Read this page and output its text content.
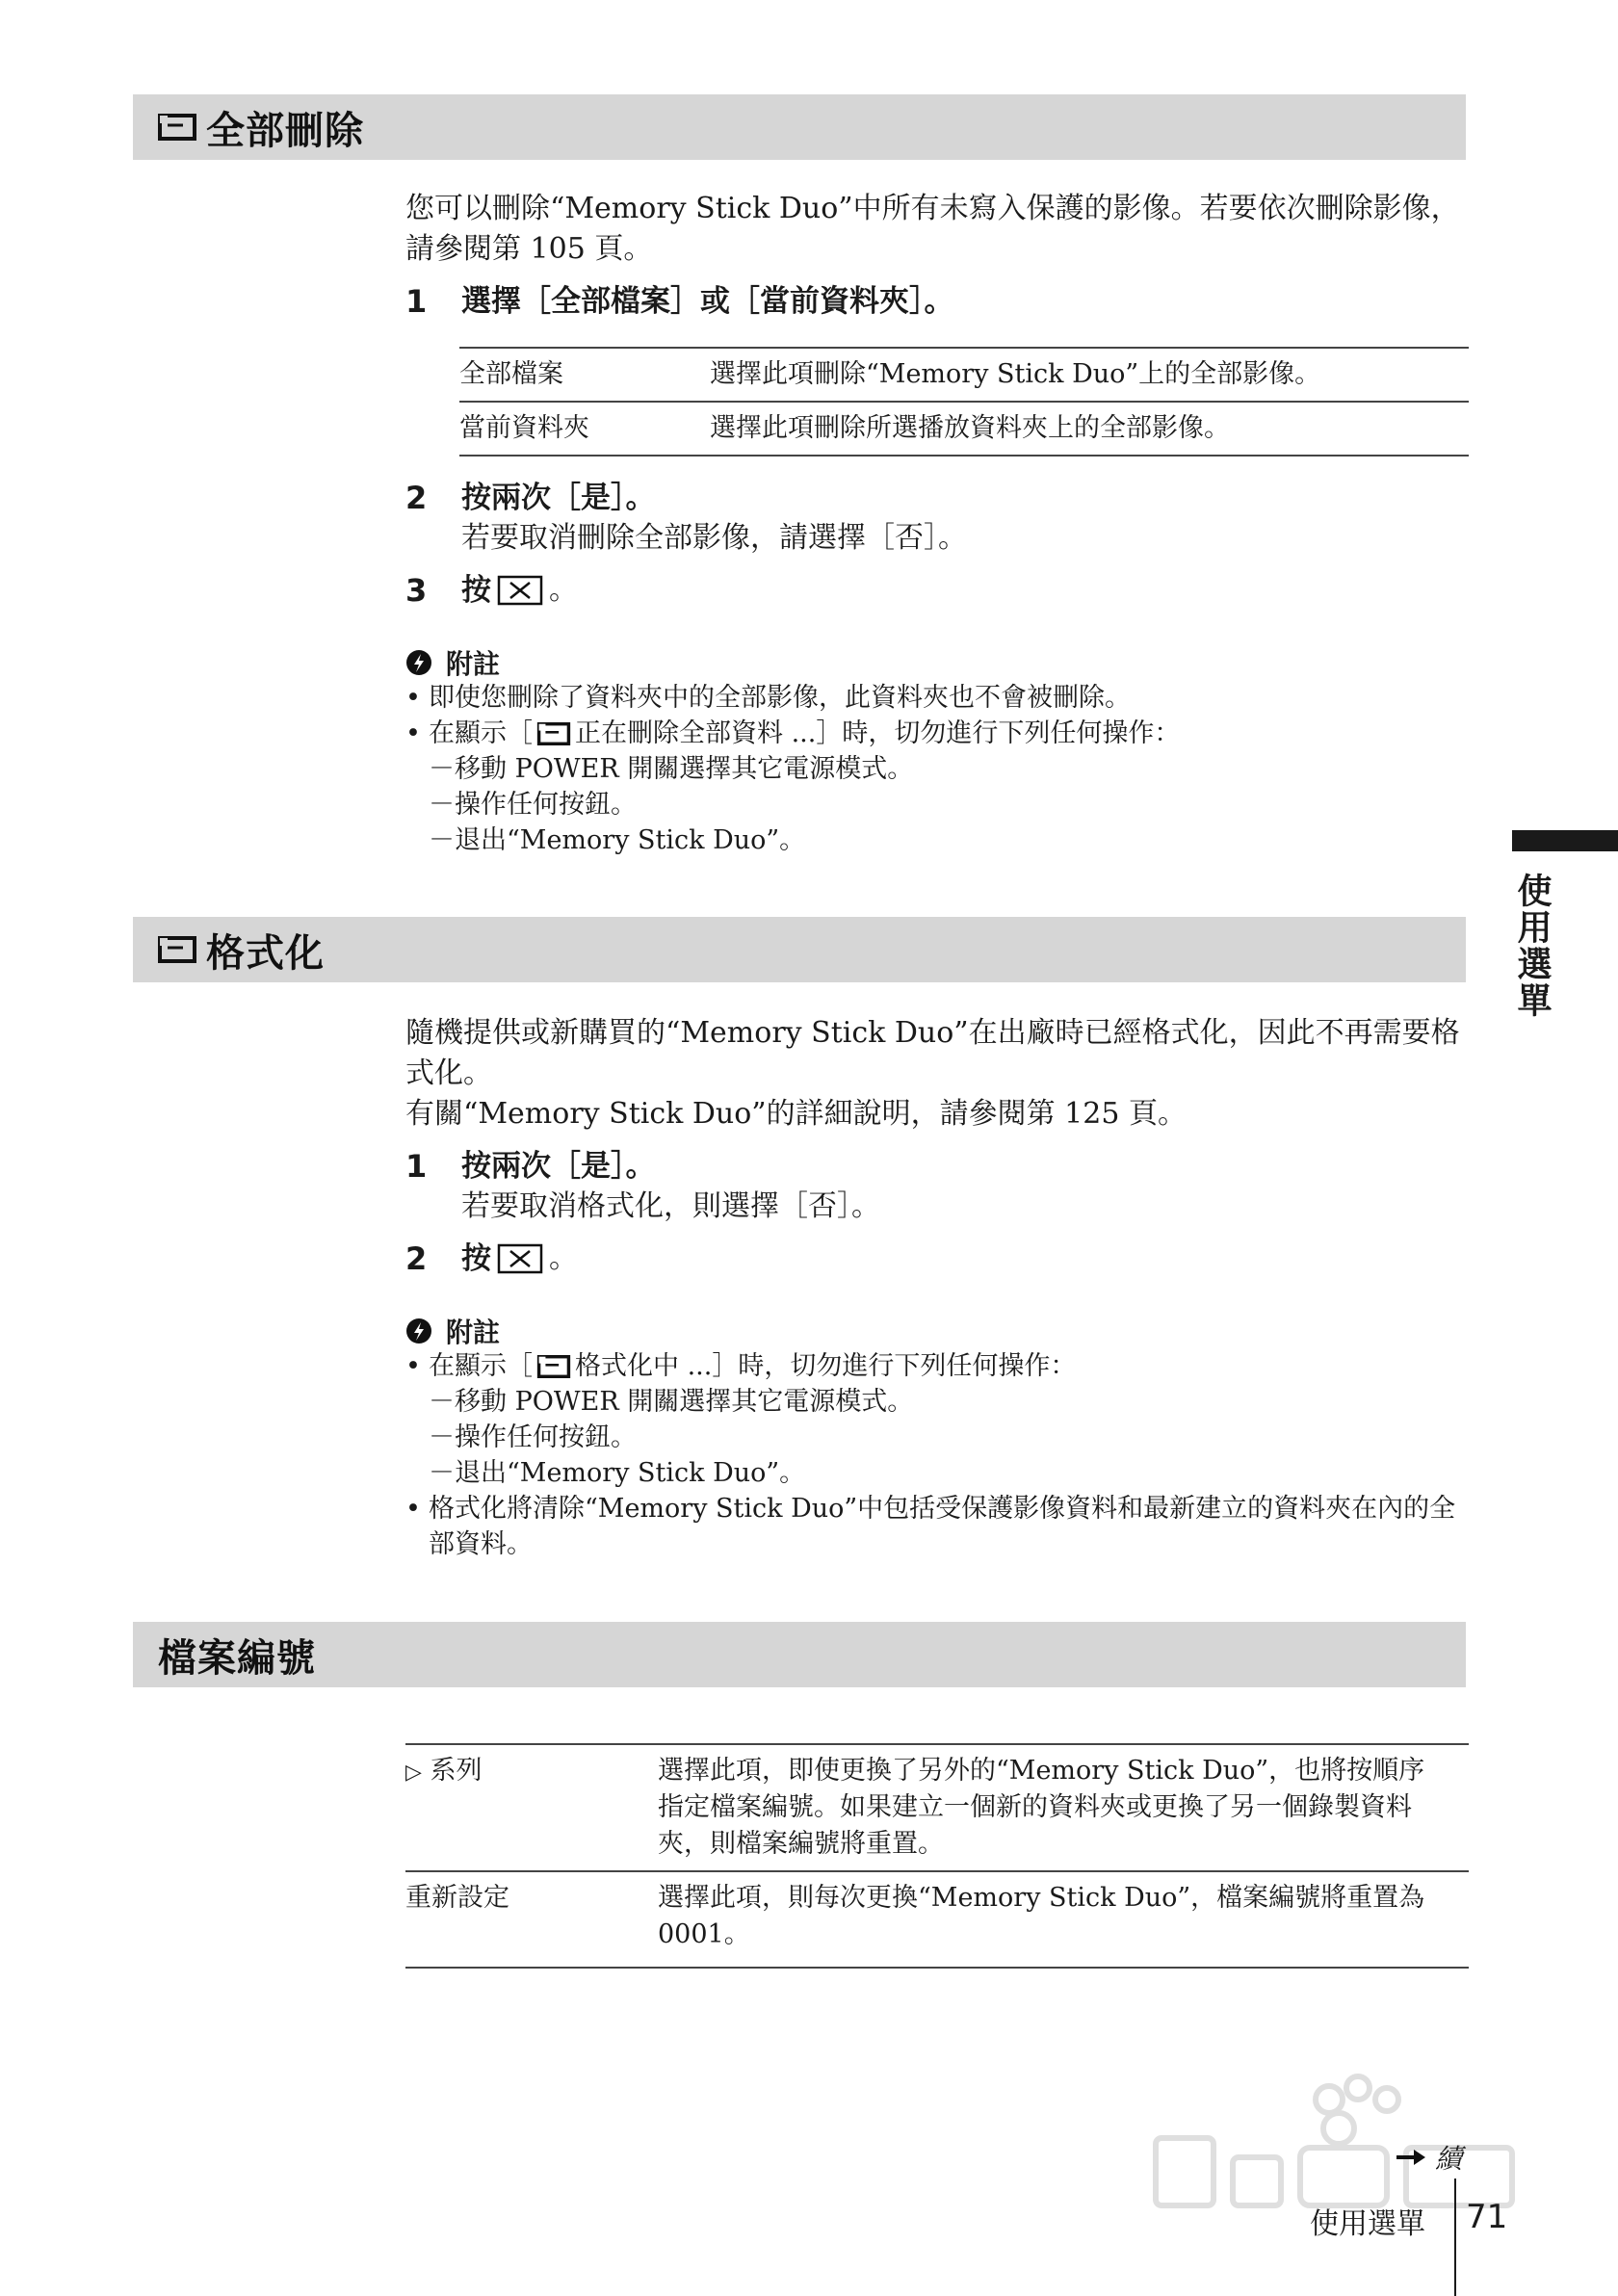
全部刪除

您可以刪除“Memory Stick Duo”中所有未寫入保護的影像。若要依次刪除影像，請參閱第 105 頁。

1	選擇［全部檔案］或［當前資料夾］。
全部檔案	選擇此項刪除“Memory Stick Duo”上的全部影像。
當前資料夾	選擇此項刪除所選播放資料夾上的全部影像。
2	按兩次［是］。
若要取消刪除全部影像，請選擇［否］。
3	按 。
附註
• 即使您刪除了資料夾中的全部影像，此資料夾也不會被刪除。
• 在顯示［ 正在刪除全部資料 ...］時，切勿進行下列任何操作：
－移動 POWER 開關選擇其它電源模式。
－操作任何按鈕。
－退出“Memory Stick Duo”。
格式化

隨機提供或新購買的“Memory Stick Duo”在出廠時已經格式化，因此不再需要格式化。

有關“Memory Stick Duo”的詳細說明，請參閱第 125 頁。

1	按兩次［是］。
若要取消格式化，則選擇［否］。
2	按 。
附註
• 在顯示［ 格式化中 ...］時，切勿進行下列任何操作：
－移動 POWER 開關選擇其它電源模式。
－操作任何按鈕。
－退出“Memory Stick Duo”。
• 格式化將清除“Memory Stick Duo”中包括受保護影像資料和最新建立的資料夾在內的全部資料。
檔案編號
▷ 系列	選擇此項，即使更換了另外的“Memory Stick Duo”，也將按順序指定檔案編號。如果建立一個新的資料夾或更換了另一個錄製資料夾，則檔案編號將重置。
重新設定	選擇此項，則每次更換“Memory Stick Duo”，檔案編號將重置為 0001。
使用選單
續
使用選單 71
